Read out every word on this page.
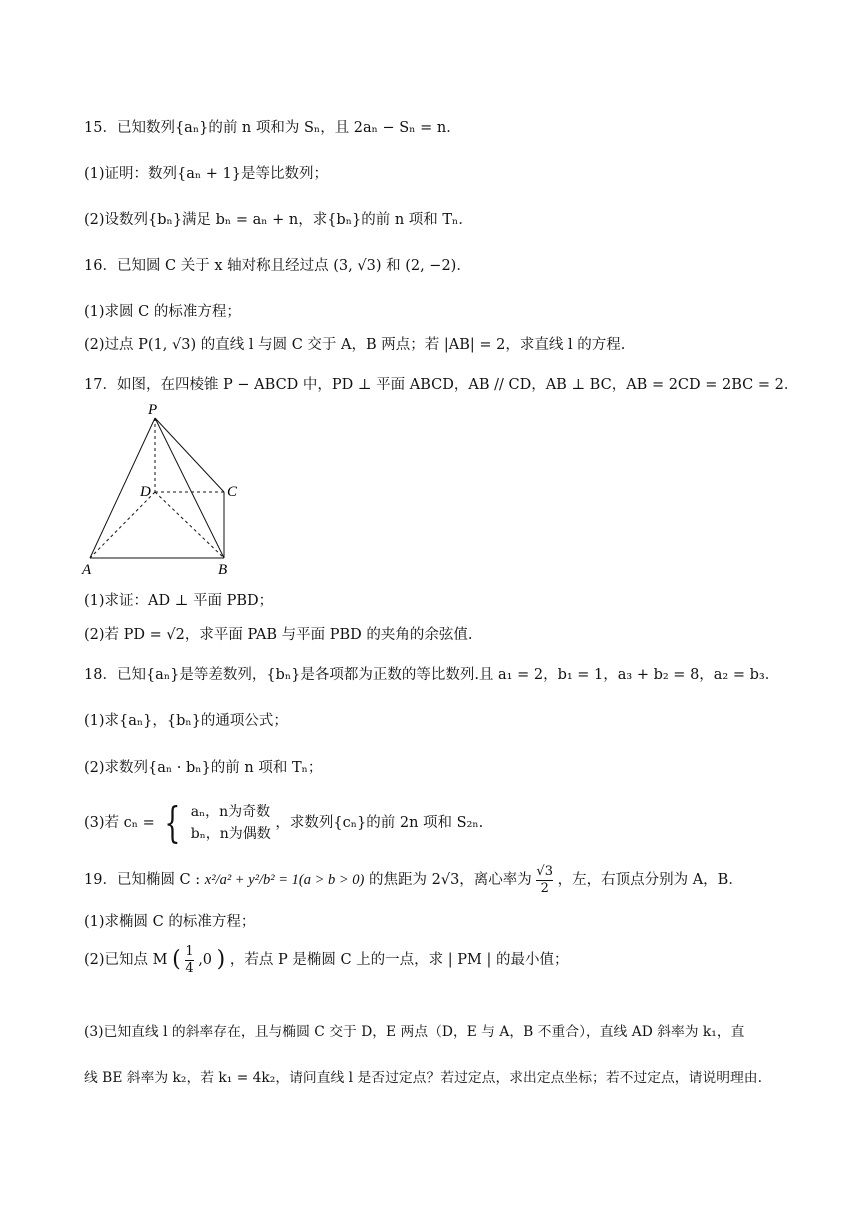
15．已知数列{aₙ}的前 n 项和为 Sₙ，且 2aₙ − Sₙ = n．
(1)证明：数列{aₙ + 1}是等比数列；
(2)设数列{bₙ}满足 bₙ = aₙ + n，求{bₙ}的前 n 项和 Tₙ．
16．已知圆 C 关于 x 轴对称且经过点 (3, √3) 和 (2, −2)．
(1)求圆 C 的标准方程；
(2)过点 P(1, √3) 的直线 l 与圆 C 交于 A，B 两点；若 |AB| = 2，求直线 l 的方程.
17．如图，在四棱锥 P − ABCD 中，PD ⊥ 平面 ABCD，AB // CD，AB ⊥ BC，AB = 2CD = 2BC = 2．
P
D	C
A	B
(1)求证：AD ⊥ 平面 PBD；
(2)若 PD = √2，求平面 PAB 与平面 PBD 的夹角的余弦值.
18．已知{aₙ}是等差数列，{bₙ}是各项都为正数的等比数列.且 a₁ = 2，b₁ = 1，a₃ + b₂ = 8，a₂ = b₃．
(1)求{aₙ}，{bₙ}的通项公式；
(2)求数列{aₙ · bₙ}的前 n 项和 Tₙ；
(3)若 cₙ = { aₙ，n为奇数
bₙ，n为偶数
，求数列{cₙ}的前 2n 项和 S₂ₙ.
19．已知椭圆 C : x²/a² + y²/b² = 1(a > b > 0) 的焦距为 2√3，离心率为 $\frac{√3}{2}$ ，左，右顶点分别为 A，B．
(1)求椭圆 C 的标准方程；
(2)已知点 M ( $\frac{1}{4} ,0$ ) ，若点 P 是椭圆 C 上的一点，求 | PM | 的最小值；
(3)已知直线 l 的斜率存在，且与椭圆 C 交于 D，E 两点（D，E 与 A，B 不重合），直线 AD 斜率为 k₁，直
线 BE 斜率为 k₂，若 k₁ = 4k₂，请问直线 l 是否过定点？若过定点，求出定点坐标；若不过定点，请说明理由.
